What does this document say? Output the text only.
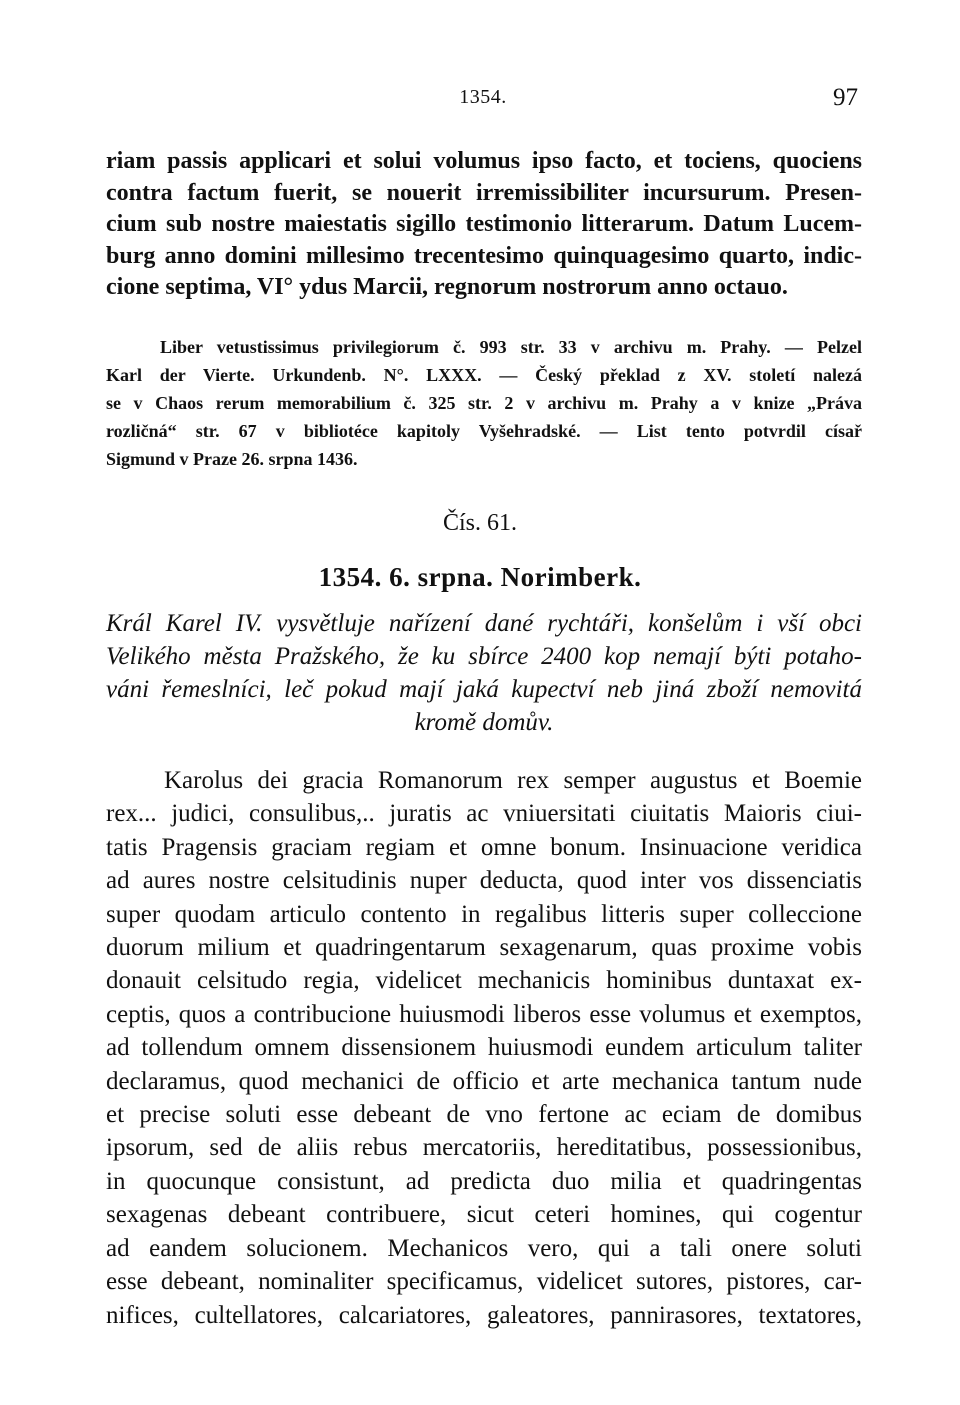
1354.	97
riam passis applicari et solui volumus ipso facto, et tociens, quociens
contra factum fuerit, se nouerit irremissibiliter incursurum. Presen-
cium sub nostre maiestatis sigillo testimonio litterarum. Datum Lucem-
burg anno domini millesimo trecentesimo quinquagesimo quarto, indic-
cione septima, VI° ydus Marcii, regnorum nostrorum anno octauo.
Liber vetustissimus privilegiorum č. 993 str. 33 v archivu m. Prahy. — Pelzel
Karl der Vierte. Urkundenb. N°. LXXX. — Český překlad z XV. století nalezá
se v Chaos rerum memorabilium č. 325 str. 2 v archivu m. Prahy a v knize „Práva
rozličná“ str. 67 v bibliotéce kapitoly Vyšehradské. — List tento potvrdil císař
Sigmund v Praze 26. srpna 1436.
Čís. 61.
1354. 6. srpna. Norimberk.
Král Karel IV. vysvětluje nařízení dané rychtáři, konšelům i vší obci
Velikého města Pražského, že ku sbírce 2400 kop nemají býti potaho-
váni řemeslníci, leč pokud mají jaká kupectví neb jiná zboží nemovitá
kromě domův.
Karolus dei gracia Romanorum rex semper augustus et Boemie
rex... judici, consulibus,.. juratis ac vniuersitati ciuitatis Maioris ciui-
tatis Pragensis graciam regiam et omne bonum. Insinuacione veridica
ad aures nostre celsitudinis nuper deducta, quod inter vos dissenciatis
super quodam articulo contento in regalibus litteris super colleccione
duorum milium et quadringentarum sexagenarum, quas proxime vobis
donauit celsitudo regia, videlicet mechanicis hominibus duntaxat ex-
ceptis, quos a contribucione huiusmodi liberos esse volumus et exemptos,
ad tollendum omnem dissensionem huiusmodi eundem articulum taliter
declaramus, quod mechanici de officio et arte mechanica tantum nude
et precise soluti esse debeant de vno fertone ac eciam de domibus
ipsorum, sed de aliis rebus mercatoriis, hereditatibus, possessionibus,
in quocunque consistunt, ad predicta duo milia et quadringentas
sexagenas debeant contribuere, sicut ceteri homines, qui cogentur
ad eandem solucionem. Mechanicos vero, qui a tali onere soluti
esse debeant, nominaliter specificamus, videlicet sutores, pistores, car-
nifices, cultellatores, calcariatores, galeatores, pannirasores, textatores,
